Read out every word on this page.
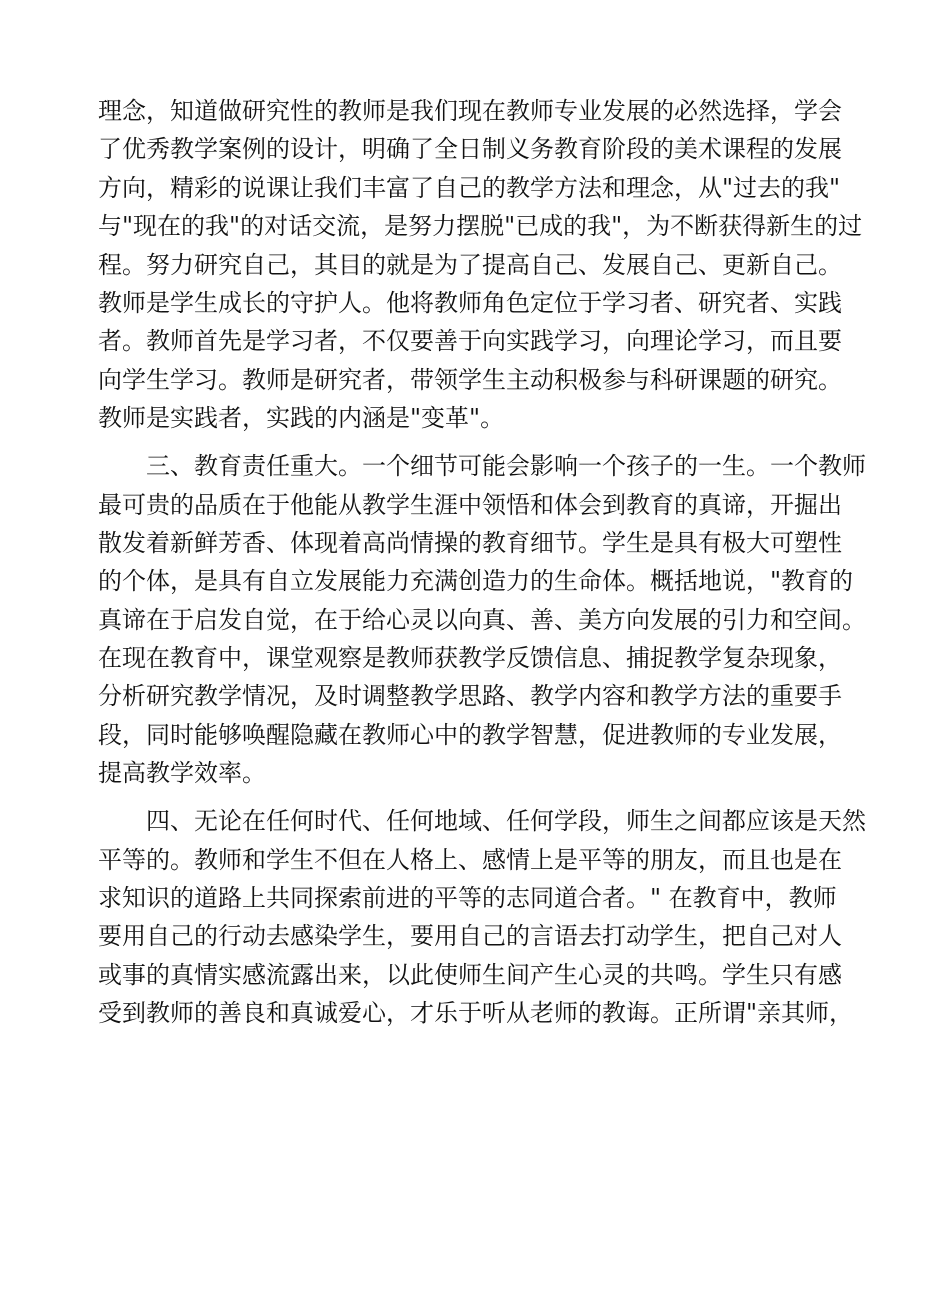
理念，知道做研究性的教师是我们现在教师专业发展的必然选择，学会
了优秀教学案例的设计，明确了全日制义务教育阶段的美术课程的发展
方向，精彩的说课让我们丰富了自己的教学方法和理念，从"过去的我"
与"现在的我"的对话交流，是努力摆脱"已成的我"，为不断获得新生的过
程。努力研究自己，其目的就是为了提高自己、发展自己、更新自己。
教师是学生成长的守护人。他将教师角色定位于学习者、研究者、实践
者。教师首先是学习者，不仅要善于向实践学习，向理论学习，而且要
向学生学习。教师是研究者，带领学生主动积极参与科研课题的研究。
教师是实践者，实践的内涵是"变革"。
　　三、教育责任重大。一个细节可能会影响一个孩子的一生。一个教师
最可贵的品质在于他能从教学生涯中领悟和体会到教育的真谛，开掘出
散发着新鲜芳香、体现着高尚情操的教育细节。学生是具有极大可塑性
的个体，是具有自立发展能力充满创造力的生命体。概括地说，"教育的
真谛在于启发自觉，在于给心灵以向真、善、美方向发展的引力和空间。
在现在教育中，课堂观察是教师获教学反馈信息、捕捉教学复杂现象，
分析研究教学情况，及时调整教学思路、教学内容和教学方法的重要手
段，同时能够唤醒隐藏在教师心中的教学智慧，促进教师的专业发展，
提高教学效率。
　　四、无论在任何时代、任何地域、任何学段，师生之间都应该是天然
平等的。教师和学生不但在人格上、感情上是平等的朋友，而且也是在
求知识的道路上共同探索前进的平等的志同道合者。" 在教育中，教师
要用自己的行动去感染学生，要用自己的言语去打动学生，把自己对人
或事的真情实感流露出来，以此使师生间产生心灵的共鸣。学生只有感
受到教师的善良和真诚爱心，才乐于听从老师的教诲。正所谓"亲其师，
